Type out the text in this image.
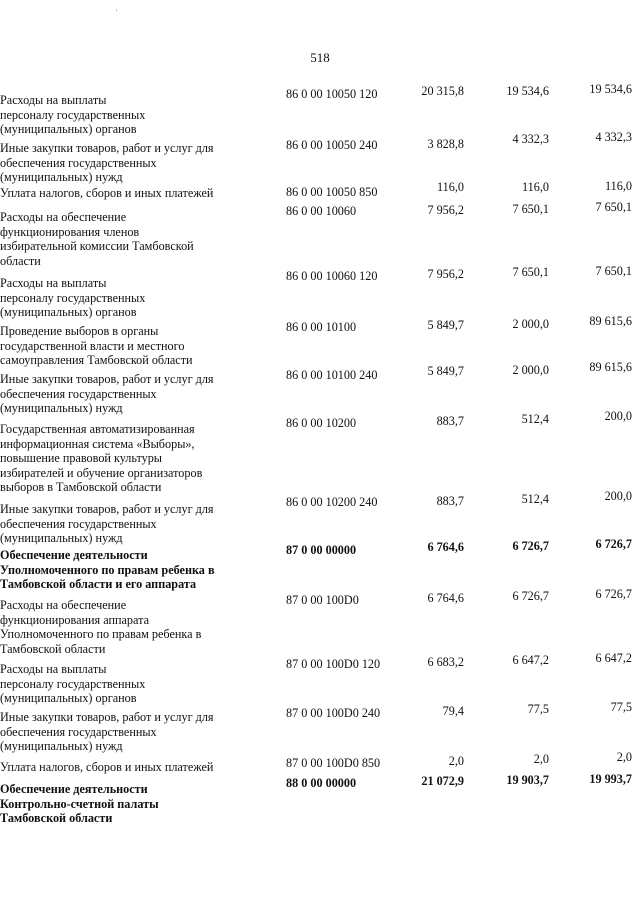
'
518
Расходы на выплаты
персоналу государственных
(муниципальных) органов
86 0 00 10050 120	20 315,8	19 534,6	19 534,6
Иные закупки товаров, работ и услуг для
обеспечения государственных
(муниципальных) нужд
86 0 00 10050 240	3 828,8	4 332,3	4 332,3
Уплата налогов, сборов и иных платежей	86 0 00 10050 850	116,0	116,0	116,0
Расходы на обеспечение
функционирования членов
избирательной комиссии Тамбовской
области
86 0 00 10060	7 956,2	7 650,1	7 650,1
Расходы на выплаты
персоналу государственных
(муниципальных) органов
86 0 00 10060 120	7 956,2	7 650,1	7 650,1
Проведение выборов в органы
государственной власти и местного
самоуправления Тамбовской области
86 0 00 10100	5 849,7	2 000,0	89 615,6
Иные закупки товаров, работ и услуг для
обеспечения государственных
(муниципальных) нужд
86 0 00 10100 240	5 849,7	2 000,0	89 615,6
Государственная автоматизированная
информационная система «Выборы»,
повышение правовой культуры
избирателей и обучение организаторов
выборов в Тамбовской области
86 0 00 10200	883,7	512,4	200,0
Иные закупки товаров, работ и услуг для
обеспечения государственных
(муниципальных) нужд
86 0 00 10200 240	883,7	512,4	200,0
Обеспечение деятельности
Уполномоченного по правам ребенка в
Тамбовской области и его аппарата
87 0 00 00000	6 764,6	6 726,7	6 726,7
Расходы на обеспечение
функционирования аппарата
Уполномоченного по правам ребенка в
Тамбовской области
87 0 00 100D0	6 764,6	6 726,7	6 726,7
Расходы на выплаты
персоналу государственных
(муниципальных) органов
87 0 00 100D0 120	6 683,2	6 647,2	6 647,2
Иные закупки товаров, работ и услуг для
обеспечения государственных
(муниципальных) нужд
87 0 00 100D0 240	79,4	77,5	77,5
Уплата налогов, сборов и иных платежей	87 0 00 100D0 850	2,0	2,0	2,0
Обеспечение деятельности
Контрольно-счетной палаты
Тамбовской области
88 0 00 00000	21 072,9	19 903,7	19 993,7
